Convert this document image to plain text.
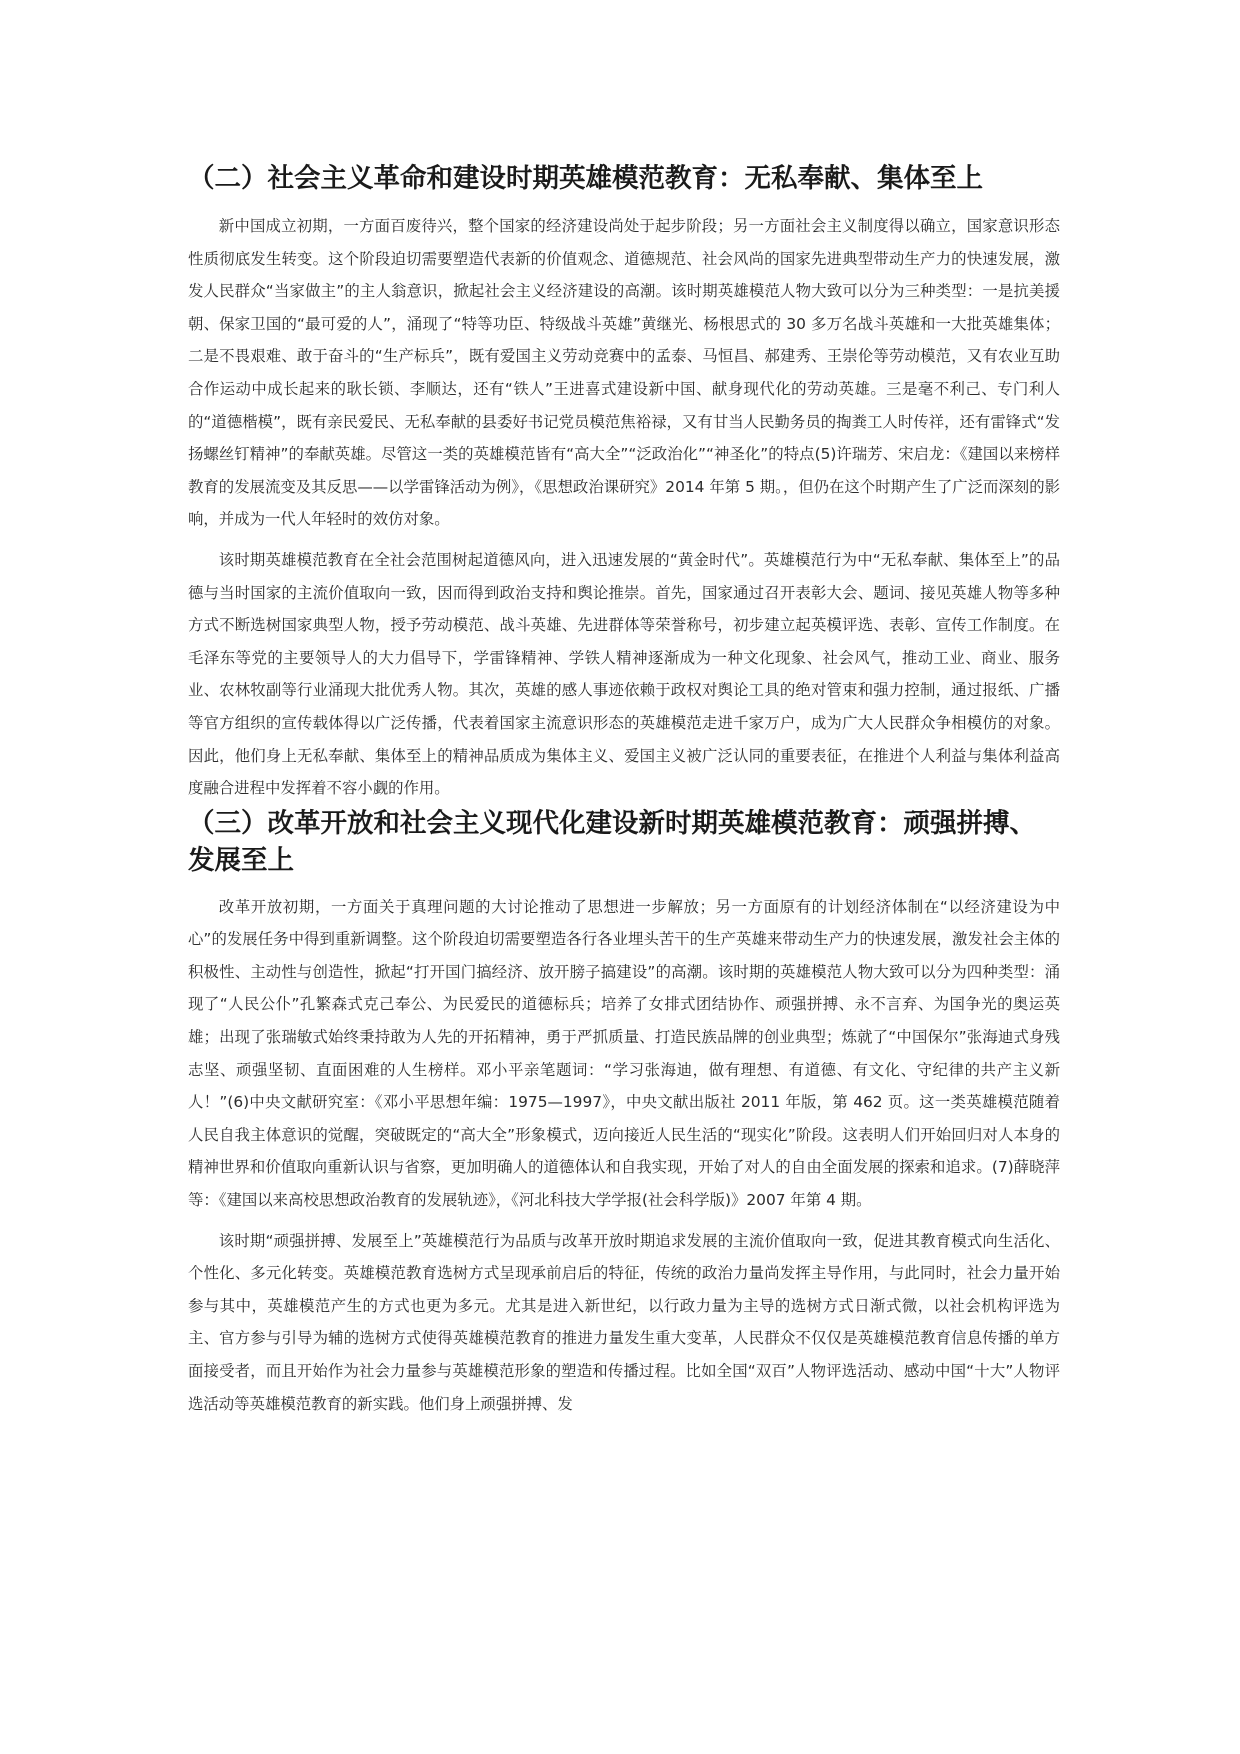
（二）社会主义革命和建设时期英雄模范教育：无私奉献、集体至上

新中国成立初期，一方面百废待兴，整个国家的经济建设尚处于起步阶段；另一方面社会主义制度得以确立，国家意识形态性质彻底发生转变。这个阶段迫切需要塑造代表新的价值观念、道德规范、社会风尚的国家先进典型带动生产力的快速发展，激发人民群众“当家做主”的主人翁意识，掀起社会主义经济建设的高潮。该时期英雄模范人物大致可以分为三种类型：一是抗美援朝、保家卫国的“最可爱的人”，涌现了“特等功臣、特级战斗英雄”黄继光、杨根思式的 30 多万名战斗英雄和一大批英雄集体；二是不畏艰难、敢于奋斗的“生产标兵”，既有爱国主义劳动竞赛中的孟泰、马恒昌、郝建秀、王崇伦等劳动模范，又有农业互助合作运动中成长起来的耿长锁、李顺达，还有“铁人”王进喜式建设新中国、献身现代化的劳动英雄。三是毫不利己、专门利人的“道德楷模”，既有亲民爱民、无私奉献的县委好书记党员模范焦裕禄，又有甘当人民勤务员的掏粪工人时传祥，还有雷锋式“发扬螺丝钉精神”的奉献英雄。尽管这一类的英雄模范皆有“高大全”“泛政治化”“神圣化”的特点(5)许瑞芳、宋启龙：《建国以来榜样教育的发展流变及其反思——以学雷锋活动为例》，《思想政治课研究》2014 年第 5 期。，但仍在这个时期产生了广泛而深刻的影响，并成为一代人年轻时的效仿对象。

该时期英雄模范教育在全社会范围树起道德风向，进入迅速发展的“黄金时代”。英雄模范行为中“无私奉献、集体至上”的品德与当时国家的主流价值取向一致，因而得到政治支持和舆论推崇。首先，国家通过召开表彰大会、题词、接见英雄人物等多种方式不断选树国家典型人物，授予劳动模范、战斗英雄、先进群体等荣誉称号，初步建立起英模评选、表彰、宣传工作制度。在毛泽东等党的主要领导人的大力倡导下，学雷锋精神、学铁人精神逐渐成为一种文化现象、社会风气，推动工业、商业、服务业、农林牧副等行业涌现大批优秀人物。其次，英雄的感人事迹依赖于政权对舆论工具的绝对管束和强力控制，通过报纸、广播等官方组织的宣传载体得以广泛传播，代表着国家主流意识形态的英雄模范走进千家万户，成为广大人民群众争相模仿的对象。因此，他们身上无私奉献、集体至上的精神品质成为集体主义、爱国主义被广泛认同的重要表征，在推进个人利益与集体利益高度融合进程中发挥着不容小觑的作用。

（三）改革开放和社会主义现代化建设新时期英雄模范教育：顽强拼搏、发展至上

改革开放初期，一方面关于真理问题的大讨论推动了思想进一步解放；另一方面原有的计划经济体制在“以经济建设为中心”的发展任务中得到重新调整。这个阶段迫切需要塑造各行各业埋头苦干的生产英雄来带动生产力的快速发展，激发社会主体的积极性、主动性与创造性，掀起“打开国门搞经济、放开膀子搞建设”的高潮。该时期的英雄模范人物大致可以分为四种类型：涌现了“人民公仆”孔繁森式克己奉公、为民爱民的道德标兵；培养了女排式团结协作、顽强拼搏、永不言弃、为国争光的奥运英雄；出现了张瑞敏式始终秉持敢为人先的开拓精神，勇于严抓质量、打造民族品牌的创业典型；炼就了“中国保尔”张海迪式身残志坚、顽强坚韧、直面困难的人生榜样。邓小平亲笔题词：“学习张海迪，做有理想、有道德、有文化、守纪律的共产主义新人！”(6)中央文献研究室：《邓小平思想年编：1975—1997》，中央文献出版社 2011 年版，第 462 页。这一类英雄模范随着人民自我主体意识的觉醒，突破既定的“高大全”形象模式，迈向接近人民生活的“现实化”阶段。这表明人们开始回归对人本身的精神世界和价值取向重新认识与省察，更加明确人的道德体认和自我实现，开始了对人的自由全面发展的探索和追求。(7)薛晓萍等：《建国以来高校思想政治教育的发展轨迹》，《河北科技大学学报(社会科学版)》2007 年第 4 期。

该时期“顽强拼搏、发展至上”英雄模范行为品质与改革开放时期追求发展的主流价值取向一致，促进其教育模式向生活化、个性化、多元化转变。英雄模范教育选树方式呈现承前启后的特征，传统的政治力量尚发挥主导作用，与此同时，社会力量开始参与其中，英雄模范产生的方式也更为多元。尤其是进入新世纪，以行政力量为主导的选树方式日渐式微，以社会机构评选为主、官方参与引导为辅的选树方式使得英雄模范教育的推进力量发生重大变革，人民群众不仅仅是英雄模范教育信息传播的单方面接受者，而且开始作为社会力量参与英雄模范形象的塑造和传播过程。比如全国“双百”人物评选活动、感动中国“十大”人物评选活动等英雄模范教育的新实践。他们身上顽强拼搏、发
